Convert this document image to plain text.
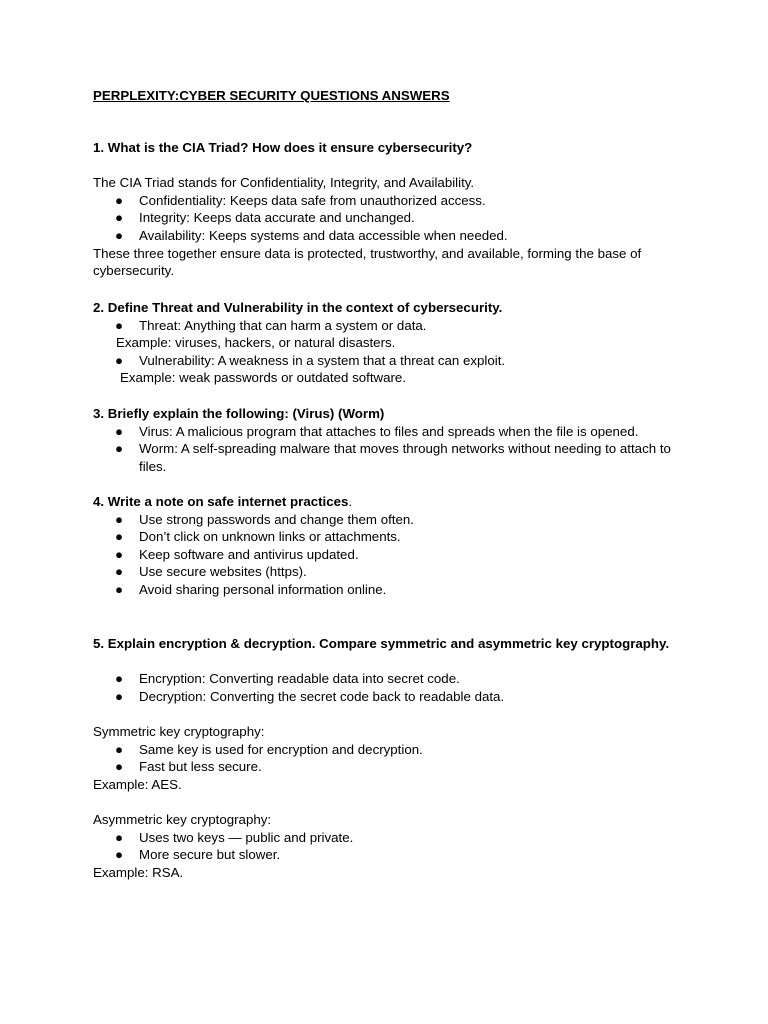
PERPLEXITY:CYBER SECURITY QUESTIONS ANSWERS

1. What is the CIA Triad? How does it ensure cybersecurity?

The CIA Triad stands for Confidentiality, Integrity, and Availability.

● Confidentiality: Keeps data safe from unauthorized access.
● Integrity: Keeps data accurate and unchanged.
● Availability: Keeps systems and data accessible when needed.

These three together ensure data is protected, trustworthy, and available, forming the base of cybersecurity.

2. Define Threat and Vulnerability in the context of cybersecurity.

● Threat: Anything that can harm a system or data.

Example: viruses, hackers, or natural disasters.

● Vulnerability: A weakness in a system that a threat can exploit.

Example: weak passwords or outdated software.

3. Briefly explain the following: (Virus) (Worm)

● Virus: A malicious program that attaches to files and spreads when the file is opened.
● Worm: A self-spreading malware that moves through networks without needing to attach to files.

4. Write a note on safe internet practices.

● Use strong passwords and change them often.
● Don’t click on unknown links or attachments.
● Keep software and antivirus updated.
● Use secure websites (https).
● Avoid sharing personal information online.

5. Explain encryption & decryption. Compare symmetric and asymmetric key cryptography.

● Encryption: Converting readable data into secret code.
● Decryption: Converting the secret code back to readable data.

Symmetric key cryptography:

● Same key is used for encryption and decryption.
● Fast but less secure.

Example: AES.

Asymmetric key cryptography:

● Uses two keys — public and private.
● More secure but slower.

Example: RSA.
